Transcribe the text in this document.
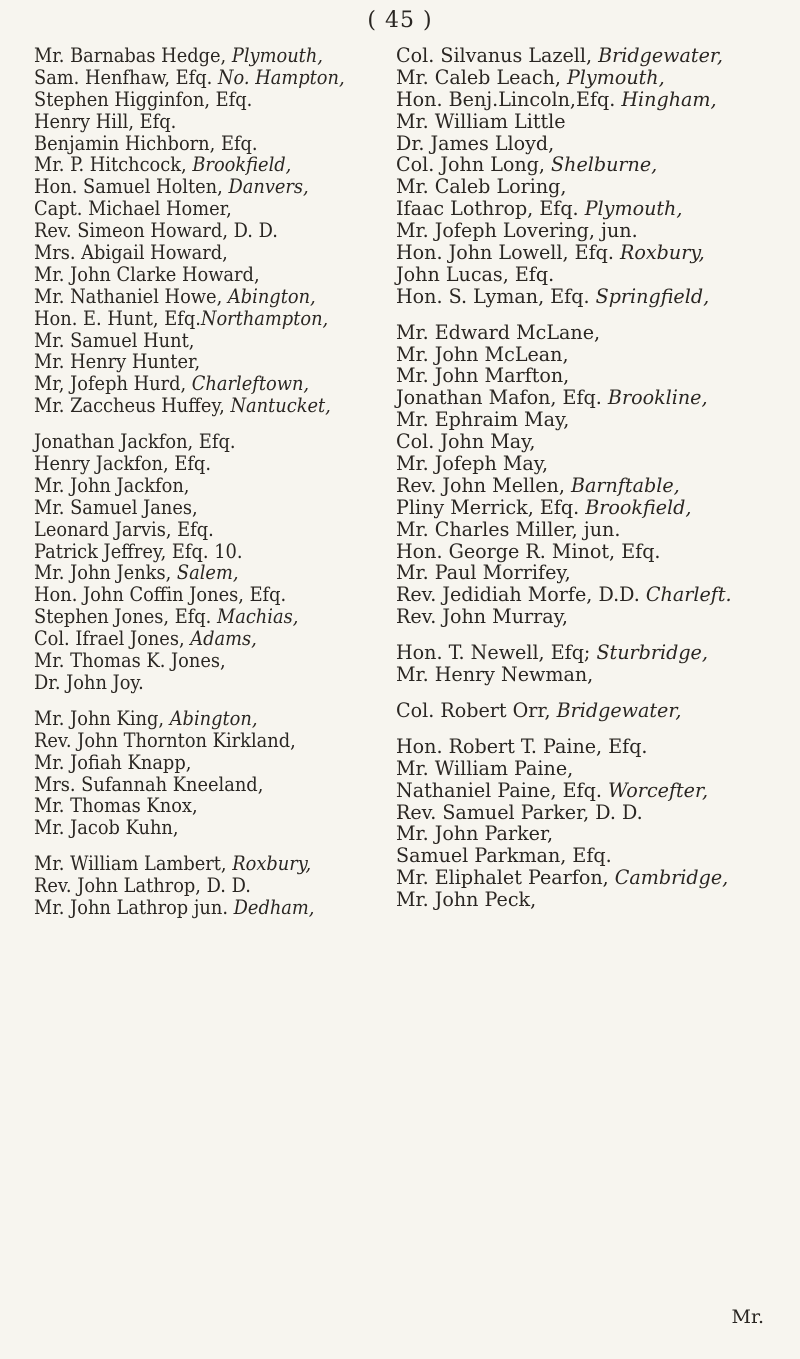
( 45 )
Mr. Barnabas Hedge, Plymouth,
Sam. Henfhaw, Efq. No. Hampton,
Stephen Higginfon, Efq.
Henry Hill, Efq.
Benjamin Hichborn, Efq.
Mr. P. Hitchcock, Brookfield,
Hon. Samuel Holten, Danvers,
Capt. Michael Homer,
Rev. Simeon Howard, D. D.
Mrs. Abigail Howard,
Mr. John Clarke Howard,
Mr. Nathaniel Howe, Abington,
Hon. E. Hunt, Efq.Northampton,
Mr. Samuel Hunt,
Mr. Henry Hunter,
Mr, Jofeph Hurd, Charleftown,
Mr. Zaccheus Huffey, Nantucket,
Jonathan Jackfon, Efq.
Henry Jackfon, Efq.
Mr. John Jackfon,
Mr. Samuel Janes,
Leonard Jarvis, Efq.
Patrick Jeffrey, Efq. 10.
Mr. John Jenks, Salem,
Hon. John Coffin Jones, Efq.
Stephen Jones, Efq. Machias,
Col. Ifrael Jones, Adams,
Mr. Thomas K. Jones,
Dr. John Joy.
Mr. John King, Abington,
Rev. John Thornton Kirkland,
Mr. Jofiah Knapp,
Mrs. Sufannah Kneeland,
Mr. Thomas Knox,
Mr. Jacob Kuhn,
Mr. William Lambert, Roxbury,
Rev. John Lathrop, D. D.
Mr. John Lathrop jun. Dedham,
Col. Silvanus Lazell, Bridgewater,
Mr. Caleb Leach, Plymouth,
Hon. Benj.Lincoln,Efq. Hingham,
Mr. William Little
Dr. James Lloyd,
Col. John Long, Shelburne,
Mr. Caleb Loring,
Ifaac Lothrop, Efq. Plymouth,
Mr. Jofeph Lovering, jun.
Hon. John Lowell, Efq. Roxbury,
John Lucas, Efq.
Hon. S. Lyman, Efq. Springfield,
Mr. Edward McLane,
Mr. John McLean,
Mr. John Marfton,
Jonathan Mafon, Efq. Brookline,
Mr. Ephraim May,
Col. John May,
Mr. Jofeph May,
Rev. John Mellen, Barnftable,
Pliny Merrick, Efq. Brookfield,
Mr. Charles Miller, jun.
Hon. George R. Minot, Efq.
Mr. Paul Morrifey,
Rev. Jedidiah Morfe, D.D. Charleft.
Rev. John Murray,
Hon. T. Newell, Efq; Sturbridge,
Mr. Henry Newman,
Col. Robert Orr, Bridgewater,
Hon. Robert T. Paine, Efq.
Mr. William Paine,
Nathaniel Paine, Efq. Worcefter,
Rev. Samuel Parker, D. D.
Mr. John Parker,
Samuel Parkman, Efq.
Mr. Eliphalet Pearfon, Cambridge,
Mr. John Peck,
Mr.
